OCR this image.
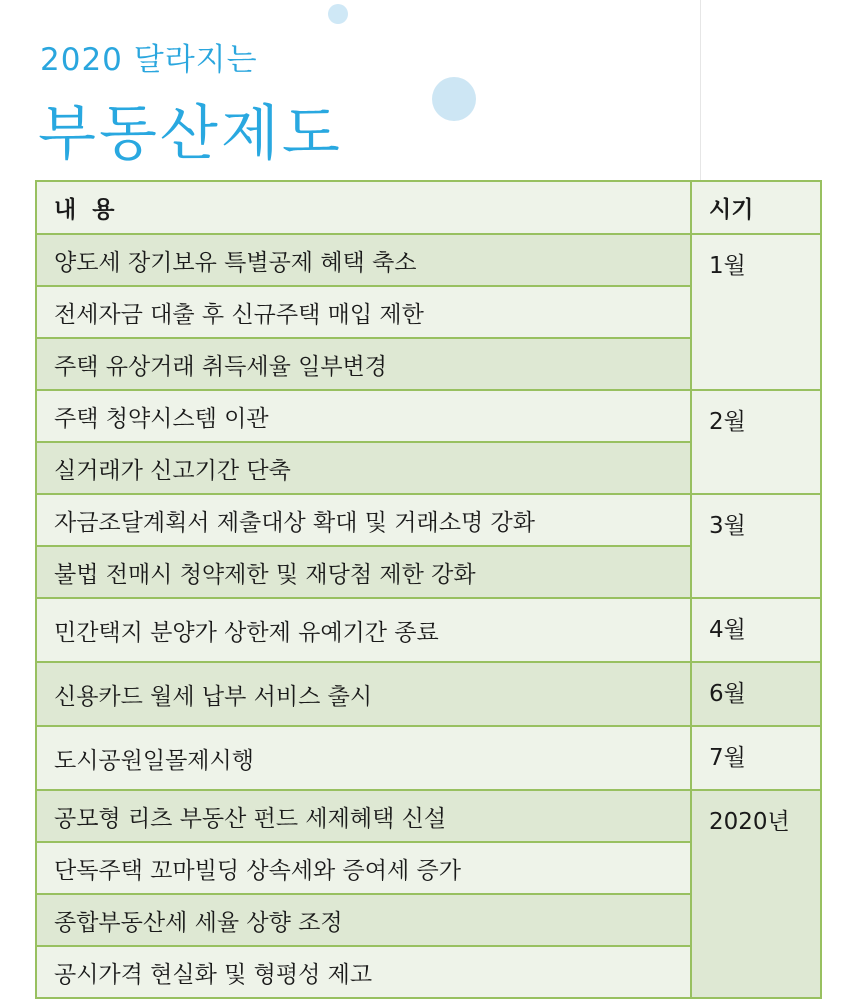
2020 달라지는
부동산제도
내  용	시기
양도세 장기보유 특별공제 혜택 축소	1월
전세자금 대출 후 신규주택 매입 제한	
주택 유상거래 취득세율 일부변경	
주택 청약시스템 이관	2월
실거래가 신고기간 단축	
자금조달계획서 제출대상 확대 및 거래소명 강화	3월
불법 전매시 청약제한 및 재당첨 제한 강화	
민간택지 분양가 상한제 유예기간 종료	4월
신용카드 월세 납부 서비스 출시	6월
도시공원일몰제시행	7월
공모형 리츠 부동산 펀드 세제혜택 신설	2020년
단독주택 꼬마빌딩 상속세와 증여세 증가	
종합부동산세 세율 상향 조정	
공시가격 현실화 및 형평성 제고	
